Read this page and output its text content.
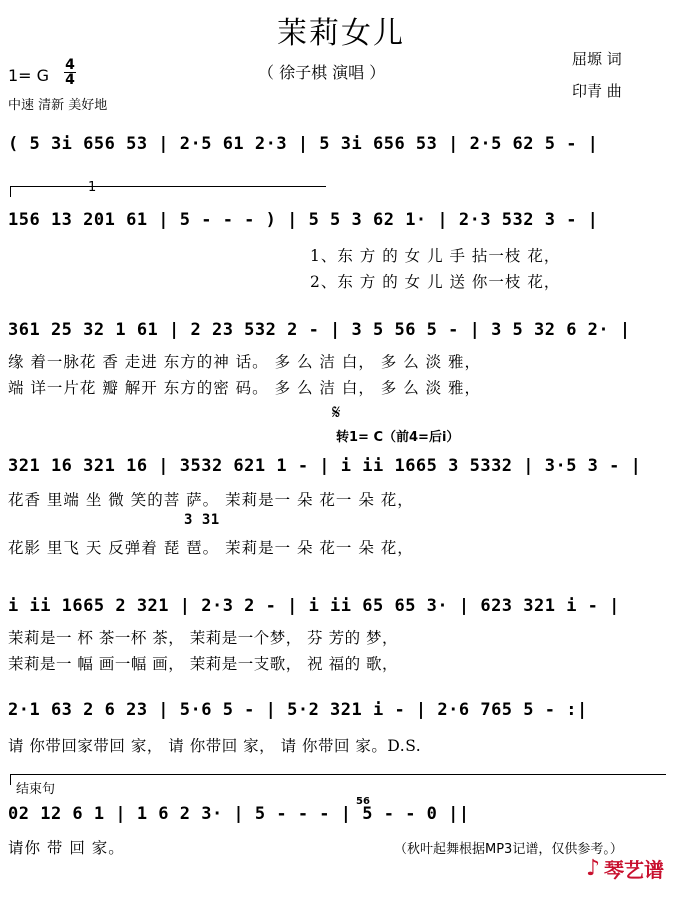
茉莉女儿
（ 徐子棋 演唱 ）
屈塬 词
印青 曲
1= G
4
4
中速 清新 美好地
( 5 3i 656 53 | 2·5 61 2·3 | 5 3i 656 53 | 2·5 62 5 - |
1
156 13 201 61 | 5 - - - ) | 5 5 3 62 1· | 2·3 532 3 - |
1、东 方 的 女 儿 手 拈一枝 花，
2、东 方 的 女 儿 送 你一枝 花，
361 25 32 1 61 | 2 23 532 2 - | 3 5 56 5 - | 3 5 32 6 2· |
缘 着一脉花 香 走进 东方的神 话。 多 么 洁 白， 多 么 淡 雅，
端 详一片花 瓣 解开 东方的密 码。 多 么 洁 白， 多 么 淡 雅，
𝄋
转1= C（前4=后i）
321 16 321 16 | 3532 621 1 - | i ii 1665 3 5332 | 3·5 3 - |
花香 里端 坐 微 笑的菩 萨。 茉莉是一 朵 花一 朵 花，
3 31
花影 里飞 天 反弹着 琵 琶。 茉莉是一 朵 花一 朵 花，
i ii 1665 2 321 | 2·3 2 - | i ii 65 65 3· | 623 321 i - |
茉莉是一 杯 茶一杯 茶， 茉莉是一个梦， 芬 芳的 梦，
茉莉是一 幅 画一幅 画， 茉莉是一支歌， 祝 福的 歌，
2·1 63 2 6 23 | 5·6 5 - | 5·2 321 i - | 2·6 765 5 - :|
请 你带回家带回 家， 请 你带回 家， 请 你带回 家。D.S.
结束句
02 12 6 1 | 1 6 2 3· | 5 - - - | 5 - - 0 ||
56
请你 带 回 家。	（秋叶起舞根据MP3记谱，仅供参考。）
♪ 琴艺谱
